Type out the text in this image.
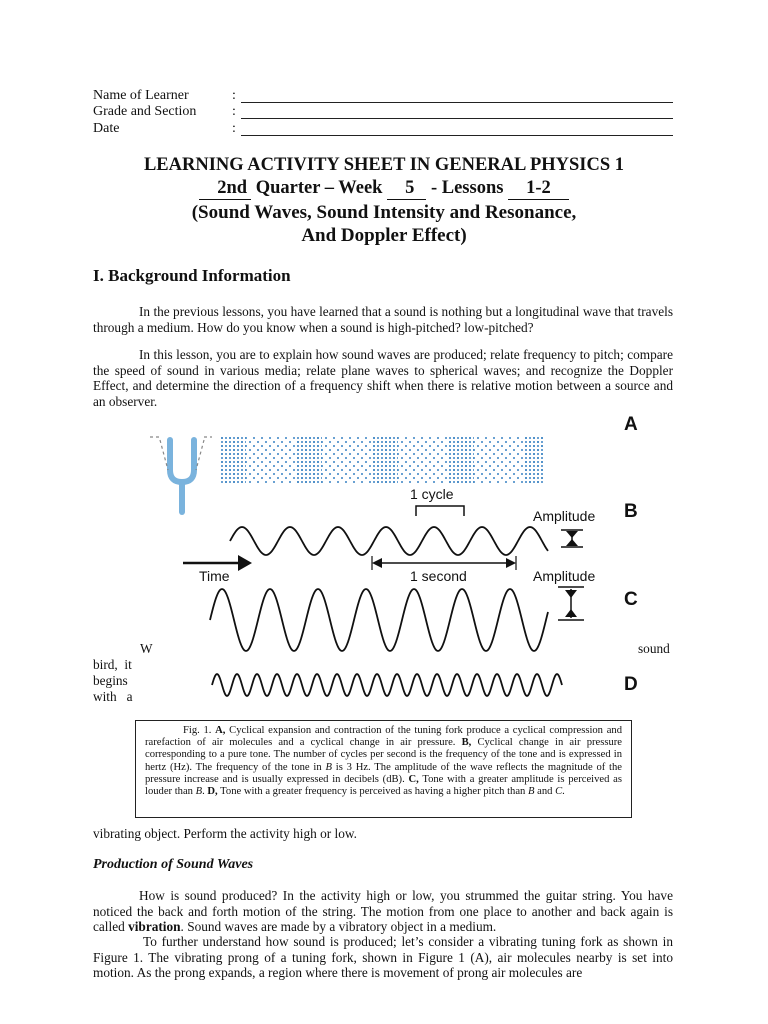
Name of Learner	:
Grade and Section	:
Date	:
LEARNING ACTIVITY SHEET IN GENERAL PHYSICS 1
2nd Quarter – Week 5 - Lessons 1-2
(Sound Waves, Sound Intensity and Resonance,
And Doppler Effect)
I. Background Information
In the previous lessons, you have learned that a sound is nothing but a longitudinal wave that travels through a medium. How do you know when a sound is high-pitched? low-pitched?
In this lesson, you are to explain how sound waves are produced; relate frequency to pitch; compare the speed of sound in various media; relate plane waves to spherical waves; and recognize the Doppler Effect, and determine the direction of a frequency shift when there is relative motion between a source and an observer.
W	sound
bird,  it
begins
with   a
A
B
C
D
1 cycle
Amplitude
Time	1 second	Amplitude
Fig. 1. A, Cyclical expansion and contraction of the tuning fork produce a cyclical compression and rarefaction of air molecules and a cyclical change in air pressure. B, Cyclical change in air pressure corresponding to a pure tone. The number of cycles per second is the frequency of the tone and is expressed in hertz (Hz). The frequency of the tone in B is 3 Hz. The amplitude of the wave reflects the magnitude of the pressure increase and is usually expressed in decibels (dB). C, Tone with a greater amplitude is perceived as louder than B. D, Tone with a greater frequency is perceived as having a higher pitch than B and C.
vibrating object. Perform the activity high or low.
Production of Sound Waves
How is sound produced? In the activity high or low, you strummed the guitar string. You have noticed the back and forth motion of the string. The motion from one place to another and back again is called vibration. Sound waves are made by a vibratory object in a medium.
To further understand how sound is produced; let’s consider a vibrating tuning fork as shown in Figure 1. The vibrating prong of a tuning fork, shown in Figure 1 (A), air molecules nearby is set into motion. As the prong expands, a region where there is movement of prong air molecules are
